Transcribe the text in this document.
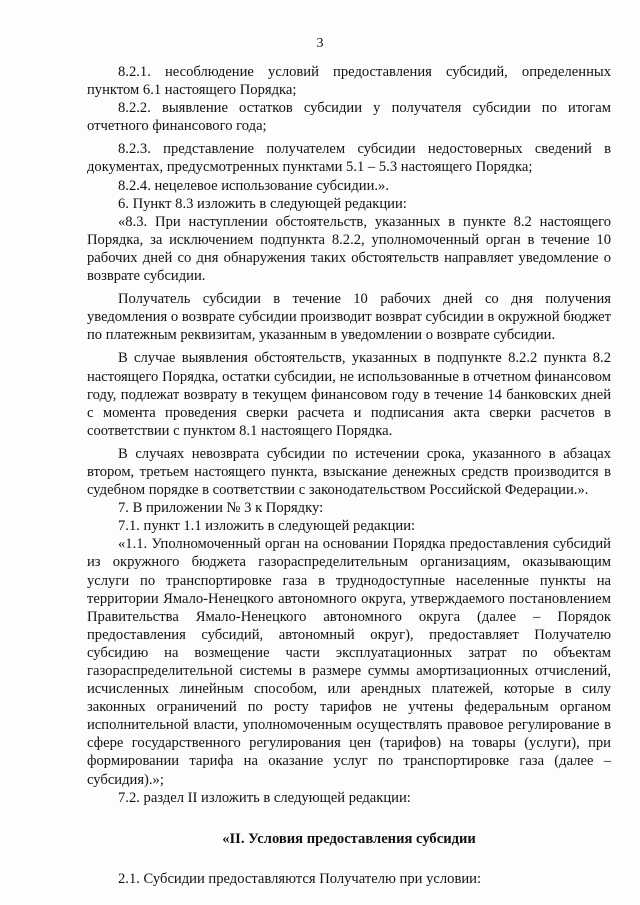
3

8.2.1. несоблюдение условий предоставления субсидий, определенных пунктом 6.1 настоящего Порядка;

8.2.2. выявление остатков субсидии у получателя субсидии по итогам отчетного финансового года;

8.2.3. представление получателем субсидии недостоверных сведений в документах, предусмотренных пунктами 5.1 – 5.3 настоящего Порядка;

8.2.4. нецелевое использование субсидии.».

6. Пункт 8.3 изложить в следующей редакции:

«8.3. При наступлении обстоятельств, указанных в пункте 8.2 настоящего Порядка, за исключением подпункта 8.2.2, уполномоченный орган в течение 10 рабочих дней со дня обнаружения таких обстоятельств направляет уведомление о возврате субсидии.

Получатель субсидии в течение 10 рабочих дней со дня получения уведомления о возврате субсидии производит возврат субсидии в окружной бюджет по платежным реквизитам, указанным в уведомлении о возврате субсидии.

В случае выявления обстоятельств, указанных в подпункте 8.2.2 пункта 8.2 настоящего Порядка, остатки субсидии, не использованные в отчетном финансовом году, подлежат возврату в текущем финансовом году в течение 14 банковских дней с момента проведения сверки расчета и подписания акта сверки расчетов в соответствии с пунктом 8.1 настоящего Порядка.

В случаях невозврата субсидии по истечении срока, указанного в абзацах втором, третьем настоящего пункта, взыскание денежных средств производится в судебном порядке в соответствии с законодательством Российской Федерации.».

7. В приложении № 3 к Порядку:

7.1. пункт 1.1 изложить в следующей редакции:

«1.1. Уполномоченный орган на основании Порядка предоставления субсидий из окружного бюджета газораспределительным организациям, оказывающим услуги по транспортировке газа в труднодоступные населенные пункты на территории Ямало-Ненецкого автономного округа, утверждаемого постановлением Правительства Ямало-Ненецкого автономного округа (далее – Порядок предоставления субсидий, автономный округ), предоставляет Получателю субсидию на возмещение части эксплуатационных затрат по объектам газораспределительной системы в размере суммы амортизационных отчислений, исчисленных линейным способом, или арендных платежей, которые в силу законных ограничений по росту тарифов не учтены федеральным органом исполнительной власти, уполномоченным осуществлять правовое регулирование в сфере государственного регулирования цен (тарифов) на товары (услуги), при формировании тарифа на оказание услуг по транспортировке газа (далее – субсидия).»;

7.2. раздел II изложить в следующей редакции:

«II. Условия предоставления субсидии

2.1. Субсидии предоставляются Получателю при условии:
